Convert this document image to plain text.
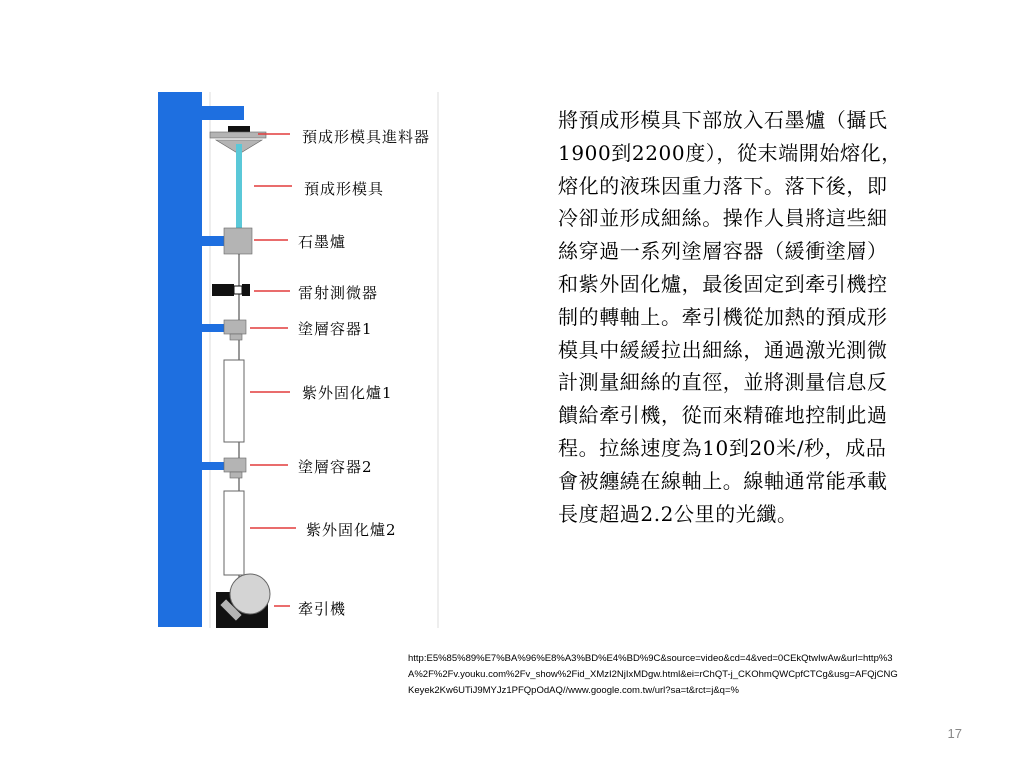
預成形模具進料器
預成形模具
石墨爐
雷射測微器
塗層容器1
紫外固化爐1
塗層容器2
紫外固化爐2
牽引機
將預成形模具下部放入石墨爐（攝氏1900到2200度），從末端開始熔化，熔化的液珠因重力落下。落下後，即冷卻並形成細絲。操作人員將這些細絲穿過一系列塗層容器（緩衝塗層）和紫外固化爐，最後固定到牽引機控制的轉軸上。牽引機從加熱的預成形模具中緩緩拉出細絲，通過激光測微計測量細絲的直徑，並將測量信息反饋給牽引機，從而來精確地控制此過程。拉絲速度為10到20米/秒，成品會被纏繞在線軸上。線軸通常能承載長度超過2.2公里的光纖。
http:E5%85%89%E7%BA%96%E8%A3%BD%E4%BD%9C&source=video&cd=4&ved=0CEkQtwIwAw&url=http%3A%2F%2Fv.youku.com%2Fv_show%2Fid_XMzI2NjIxMDgw.html&ei=rChQT-j_CKOhmQWCpfCTCg&usg=AFQjCNGKeyek2Kw6UTiJ9MYJz1PFQpOdAQ//www.google.com.tw/url?sa=t&rct=j&q=%
17
